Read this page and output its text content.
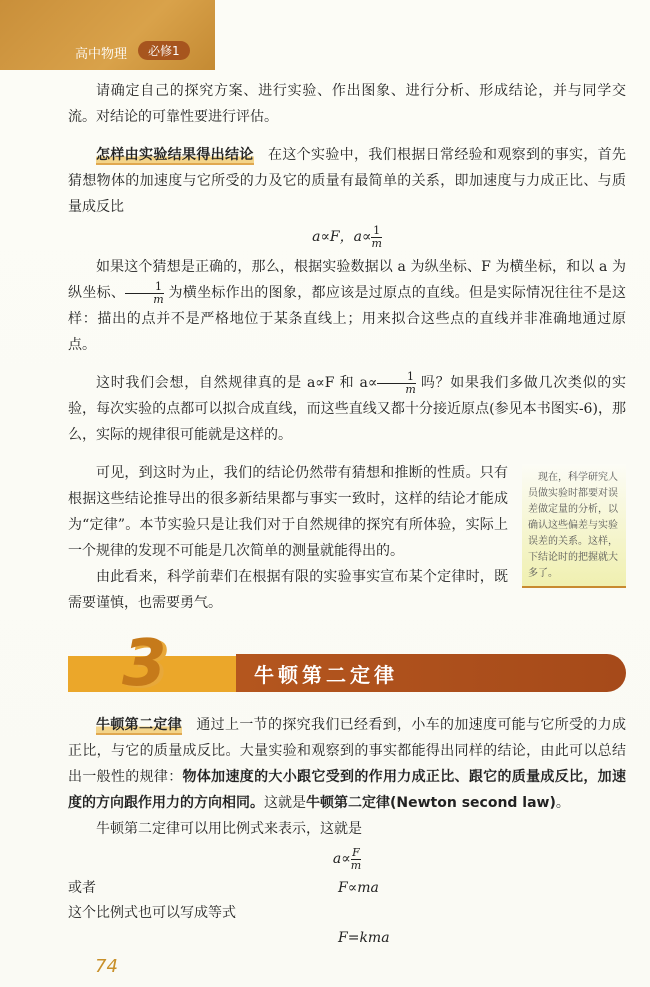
高中物理	必修1

请确定自己的探究方案、进行实验、作出图象、进行分析、形成结论，并与同学交流。对结论的可靠性要进行评估。

怎样由实验结果得出结论　在这个实验中，我们根据日常经验和观察到的事实，首先猜想物体的加速度与它所受的力及它的质量有最简单的关系，即加速度与力成正比、与质量成反比

a∝F，$a\propto \frac{1}{m}$

如果这个猜想是正确的，那么，根据实验数据以 a 为纵坐标、F 为横坐标，和以 a 为纵坐标、 $\frac{1}{m}$ 为横坐标作出的图象，都应该是过原点的直线。但是实际情况往往不是这样：描出的点并不是严格地位于某条直线上；用来拟合这些点的直线并非准确地通过原点。

这时我们会想，自然规律真的是 a∝F 和 $a\propto \frac{1}{m}$ 吗？如果我们多做几次类似的实验，每次实验的点都可以拟合成直线，而这些直线又都十分接近原点(参见本书图实-6)，那么，实际的规律很可能就是这样的。

　现在，科学研究人员做实验时都要对误差做定量的分析，以确认这些偏差与实验误差的关系。这样，下结论时的把握就大多了。

可见，到这时为止，我们的结论仍然带有猜想和推断的性质。只有根据这些结论推导出的很多新结果都与事实一致时，这样的结论才能成为“定律”。本节实验只是让我们对于自然规律的探究有所体验，实际上一个规律的发现不可能是几次简单的测量就能得出的。

由此看来，科学前辈们在根据有限的实验事实宣布某个定律时，既需要谨慎，也需要勇气。

牛顿第二定律
3

牛顿第二定律　通过上一节的探究我们已经看到，小车的加速度可能与它所受的力成正比，与它的质量成反比。大量实验和观察到的事实都能得出同样的结论，由此可以总结出一般性的规律：物体加速度的大小跟它受到的作用力成正比、跟它的质量成反比，加速度的方向跟作用力的方向相同。这就是牛顿第二定律(Newton second law)。

牛顿第二定律可以用比例式来表示，这就是

$a\propto \frac{F}{m}$
或者	F∝ma

这个比例式也可以写成等式

F=kma
74
